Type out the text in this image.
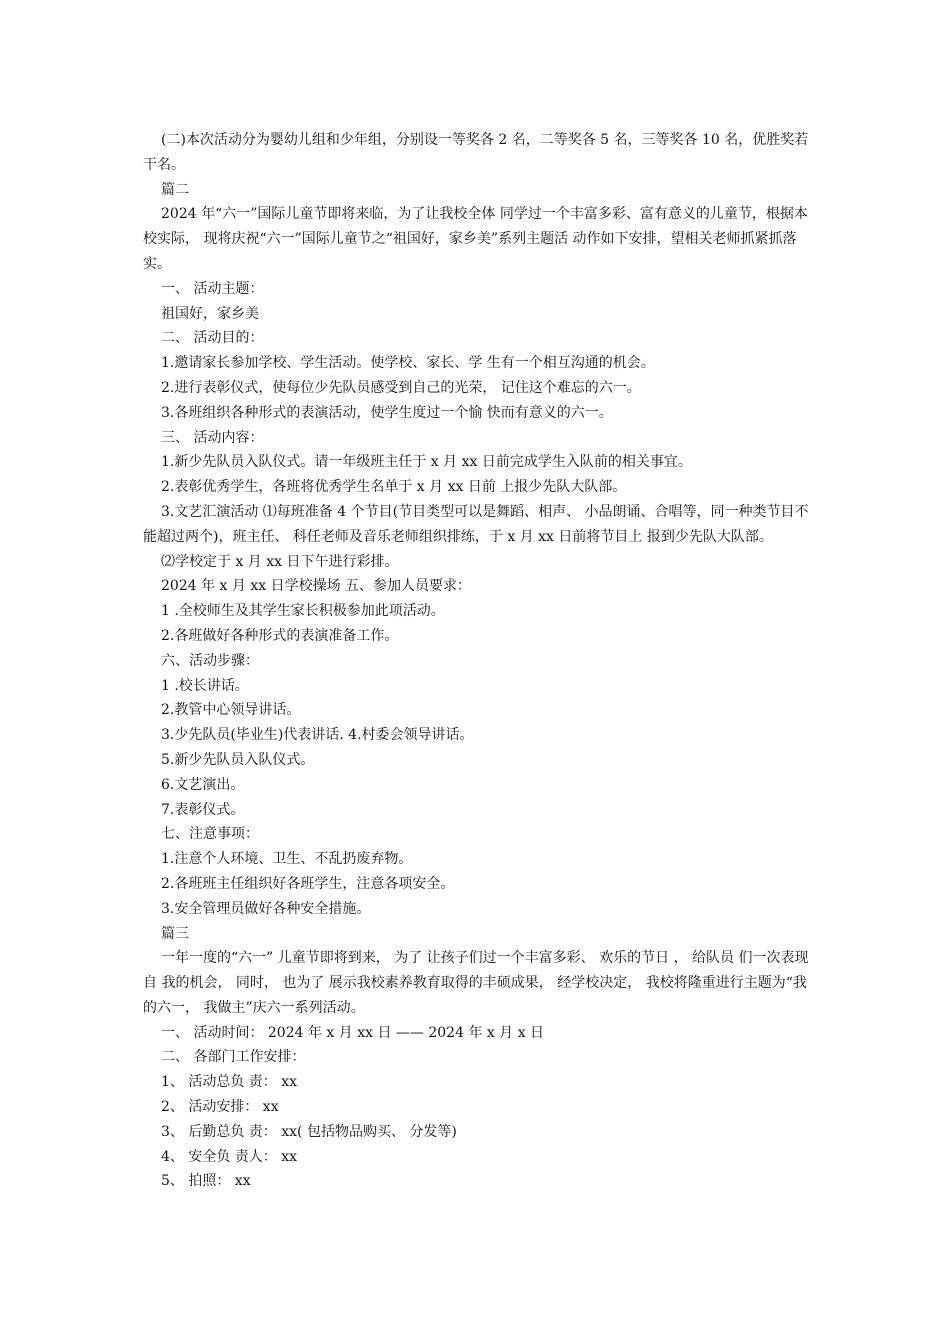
(二)本次活动分为婴幼儿组和少年组，分别设一等奖各 2 名，二等奖各 5 名，三等奖各 10 名，优胜奖若干名。

篇二

2024 年“六一”国际儿童节即将来临，为了让我校全体 同学过一个丰富多彩、富有意义的儿童节，根据本校实际， 现将庆祝“六一”国际儿童节之“祖国好，家乡美”系列主题活 动作如下安排，望相关老师抓紧抓落实。

一、 活动主题：

祖国好，家乡美

二、 活动目的：

1.邀请家长参加学校、学生活动。使学校、家长、学 生有一个相互沟通的机会。

2.进行表彰仪式，使每位少先队员感受到自己的光荣， 记住这个难忘的六一。

3.各班组织各种形式的表演活动，使学生度过一个愉 快而有意义的六一。

三、 活动内容：

1.新少先队员入队仪式。请一年级班主任于 x 月 xx 日前完成学生入队前的相关事宜。

2.表彰优秀学生，各班将优秀学生名单于 x 月 xx 日前 上报少先队大队部。

3.文艺汇演活动 ⑴每班准备 4 个节目(节目类型可以是舞蹈、相声、 小品朗诵、合唱等，同一种类节目不能超过两个)，班主任、 科任老师及音乐老师组织排练，于 x 月 xx 日前将节目上 报到少先队大队部。

⑵学校定于 x 月 xx 日下午进行彩排。

2024 年 x 月 xx 日学校操场 五、参加人员要求：

1 .全校师生及其学生家长积极参加此项活动。

2.各班做好各种形式的表演准备工作。

六、活动步骤：

1 .校长讲话。

2.教管中心领导讲话。

3.少先队员(毕业生)代表讲话. 4.村委会领导讲话。

5.新少先队员入队仪式。

6.文艺演出。

7.表彰仪式。

七、注意事项：

1.注意个人环境、卫生、不乱扔废弃物。

2.各班班主任组织好各班学生，注意各项安全。

3.安全管理员做好各种安全措施。

篇三

一年一度的“六一” 儿童节即将到来， 为了 让孩子们过一个丰富多彩、 欢乐的节日 ， 给队员 们一次表现自 我的机会， 同时， 也为了 展示我校素养教育取得的丰硕成果， 经学校决定， 我校将隆重进行主题为“我的六一， 我做主”庆六一系列活动。

一、 活动时间： 2024 年 x 月 xx 日 —— 2024 年 x 月 x 日

二、 各部门工作安排：

1、 活动总负 责： xx

2、 活动安排： xx

3、 后勤总负 责： xx( 包括物品购买、 分发等)

4、 安全负 责人： xx

5、 拍照： xx
